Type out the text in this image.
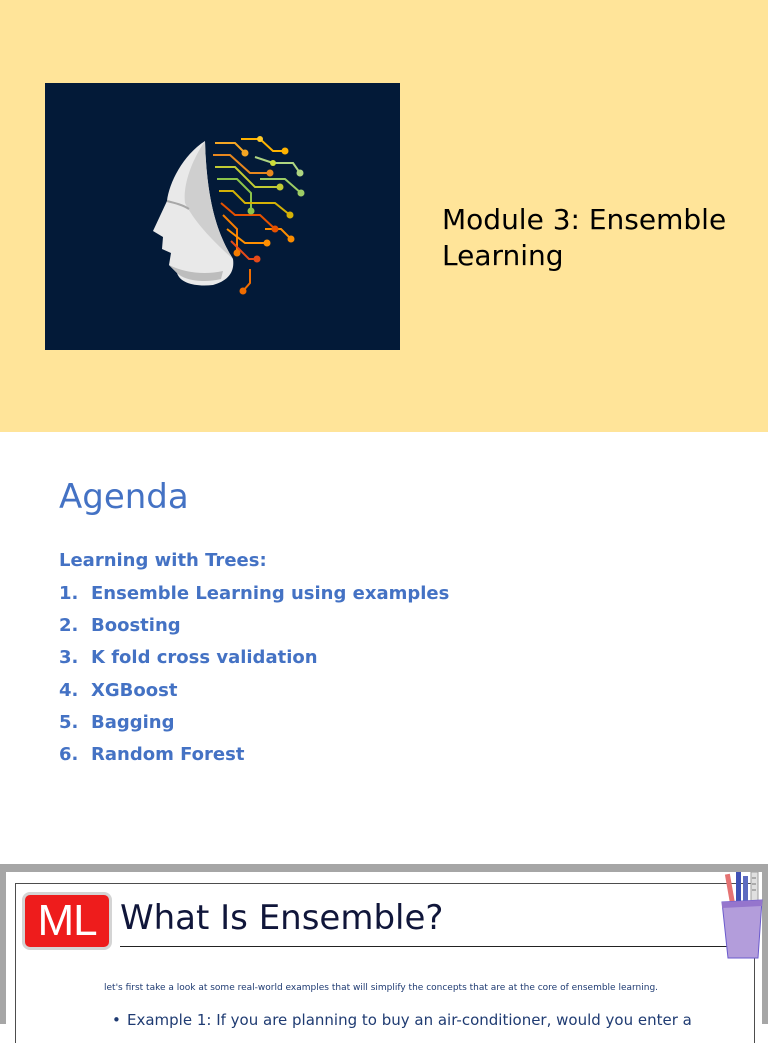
Module 3: Ensemble Learning
Agenda
Learning with Trees:
1. Ensemble Learning using examples
2. Boosting
3. K fold cross validation
4. XGBoost
5. Bagging
6. Random Forest
ML What Is Ensemble?
let's first take a look at some real-world examples that will simplify the concepts that are at the core of ensemble learning.
• Example 1: If you are planning to buy an air-conditioner, would you enter a
